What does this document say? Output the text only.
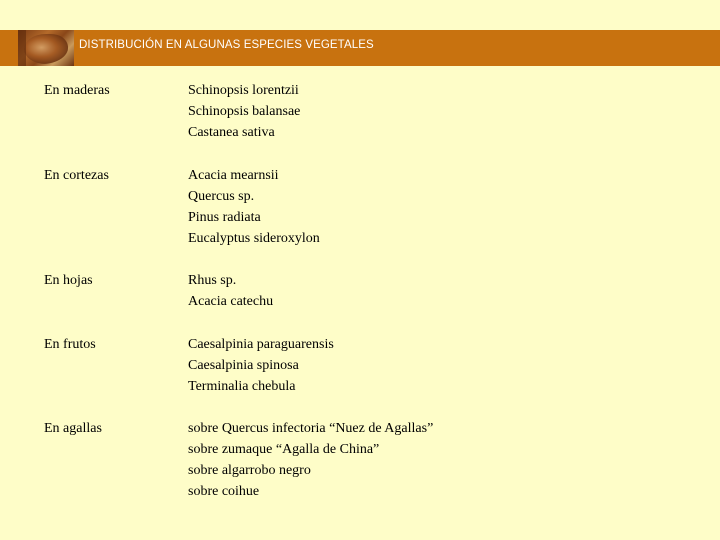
DISTRIBUCIÓN EN ALGUNAS ESPECIES VEGETALES
En maderas	Schinopsis lorentzii
Schinopsis balansae
Castanea sativa
En cortezas	Acacia mearnsii
Quercus sp.
Pinus radiata
Eucalyptus sideroxylon
En hojas	Rhus sp.
Acacia catechu
En frutos	Caesalpinia paraguarensis
Caesalpinia spinosa
Terminalia chebula
En agallas	sobre Quercus infectoria “Nuez de Agallas”
sobre zumaque “Agalla de China”
sobre algarrobo negro
sobre coihue
